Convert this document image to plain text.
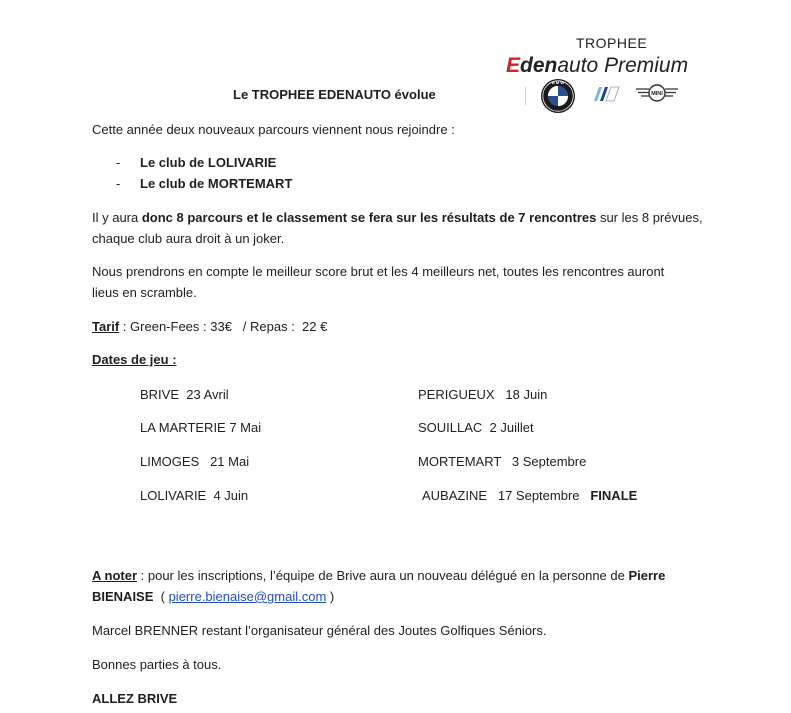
TROPHEE
Edenauto Premium
B M W
MINI
Le TROPHEE EDENAUTO évolue
Cette année deux nouveaux parcours viennent nous rejoindre :
- Le club de LOLIVARIE
- Le club de MORTEMART
Il y aura donc 8 parcours et le classement se fera sur les résultats de 7 rencontres sur les 8 prévues,
chaque club aura droit à un joker.
Nous prendrons en compte le meilleur score brut et les 4 meilleurs net, toutes les rencontres auront
lieus en scramble.
Tarif : Green-Fees : 33€   / Repas :  22 €
Dates de jeu :
BRIVE  23 Avril
LA MARTERIE 7 Mai
LIMOGES   21 Mai
LOLIVARIE  4 Juin
PERIGUEUX   18 Juin
SOUILLAC  2 Juillet
MORTEMART   3 Septembre
AUBAZINE   17 Septembre FINALE
A noter : pour les inscriptions, l’équipe de Brive aura un nouveau délégué en la personne de Pierre
BIENAISE  ( pierre.bienaise@gmail.com )
Marcel BRENNER restant l’organisateur général des Joutes Golfiques Séniors.
Bonnes parties à tous.
ALLEZ BRIVE
